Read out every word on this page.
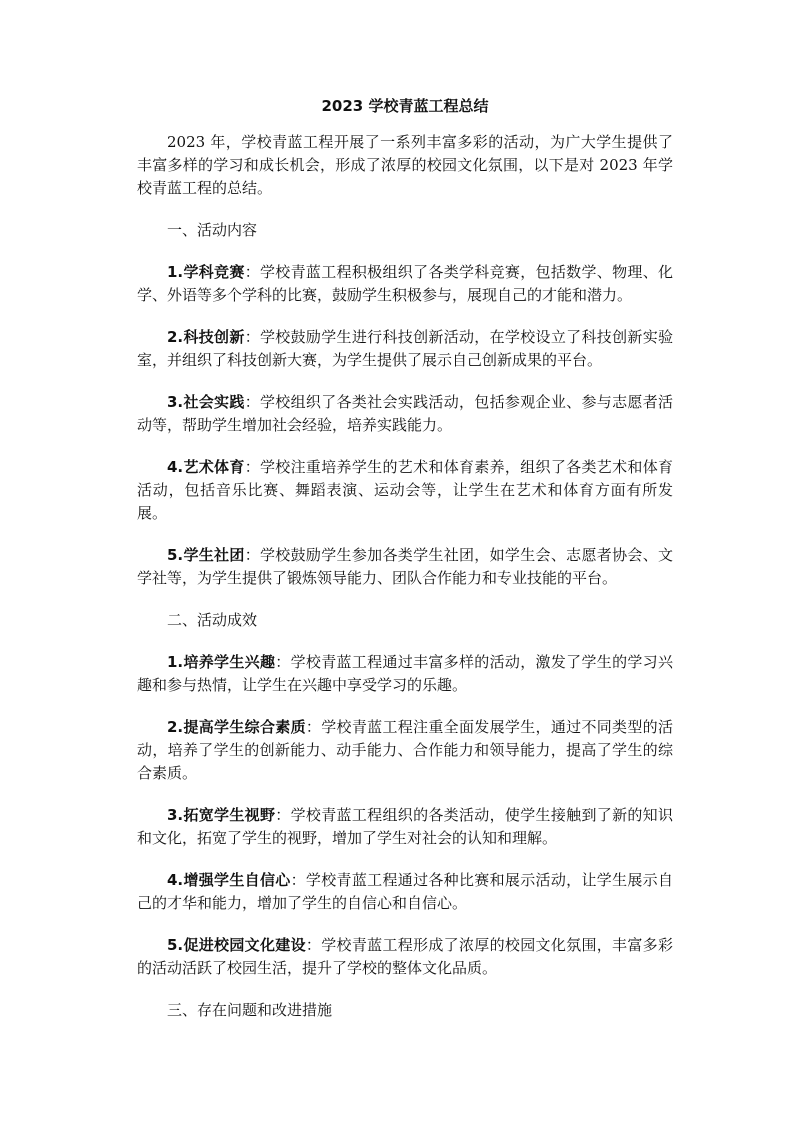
2023 学校青蓝工程总结

2023 年，学校青蓝工程开展了一系列丰富多彩的活动，为广大学生提供了丰富多样的学习和成长机会，形成了浓厚的校园文化氛围，以下是对 2023 年学校青蓝工程的总结。

一、活动内容

1.学科竞赛：学校青蓝工程积极组织了各类学科竞赛，包括数学、物理、化学、外语等多个学科的比赛，鼓励学生积极参与，展现自己的才能和潜力。

2.科技创新：学校鼓励学生进行科技创新活动，在学校设立了科技创新实验室，并组织了科技创新大赛，为学生提供了展示自己创新成果的平台。

3.社会实践：学校组织了各类社会实践活动，包括参观企业、参与志愿者活动等，帮助学生增加社会经验，培养实践能力。

4.艺术体育：学校注重培养学生的艺术和体育素养，组织了各类艺术和体育活动，包括音乐比赛、舞蹈表演、运动会等，让学生在艺术和体育方面有所发展。

5.学生社团：学校鼓励学生参加各类学生社团，如学生会、志愿者协会、文学社等，为学生提供了锻炼领导能力、团队合作能力和专业技能的平台。

二、活动成效

1.培养学生兴趣：学校青蓝工程通过丰富多样的活动，激发了学生的学习兴趣和参与热情，让学生在兴趣中享受学习的乐趣。

2.提高学生综合素质：学校青蓝工程注重全面发展学生，通过不同类型的活动，培养了学生的创新能力、动手能力、合作能力和领导能力，提高了学生的综合素质。

3.拓宽学生视野：学校青蓝工程组织的各类活动，使学生接触到了新的知识和文化，拓宽了学生的视野，增加了学生对社会的认知和理解。

4.增强学生自信心：学校青蓝工程通过各种比赛和展示活动，让学生展示自己的才华和能力，增加了学生的自信心和自信心。

5.促进校园文化建设：学校青蓝工程形成了浓厚的校园文化氛围，丰富多彩的活动活跃了校园生活，提升了学校的整体文化品质。

三、存在问题和改进措施
